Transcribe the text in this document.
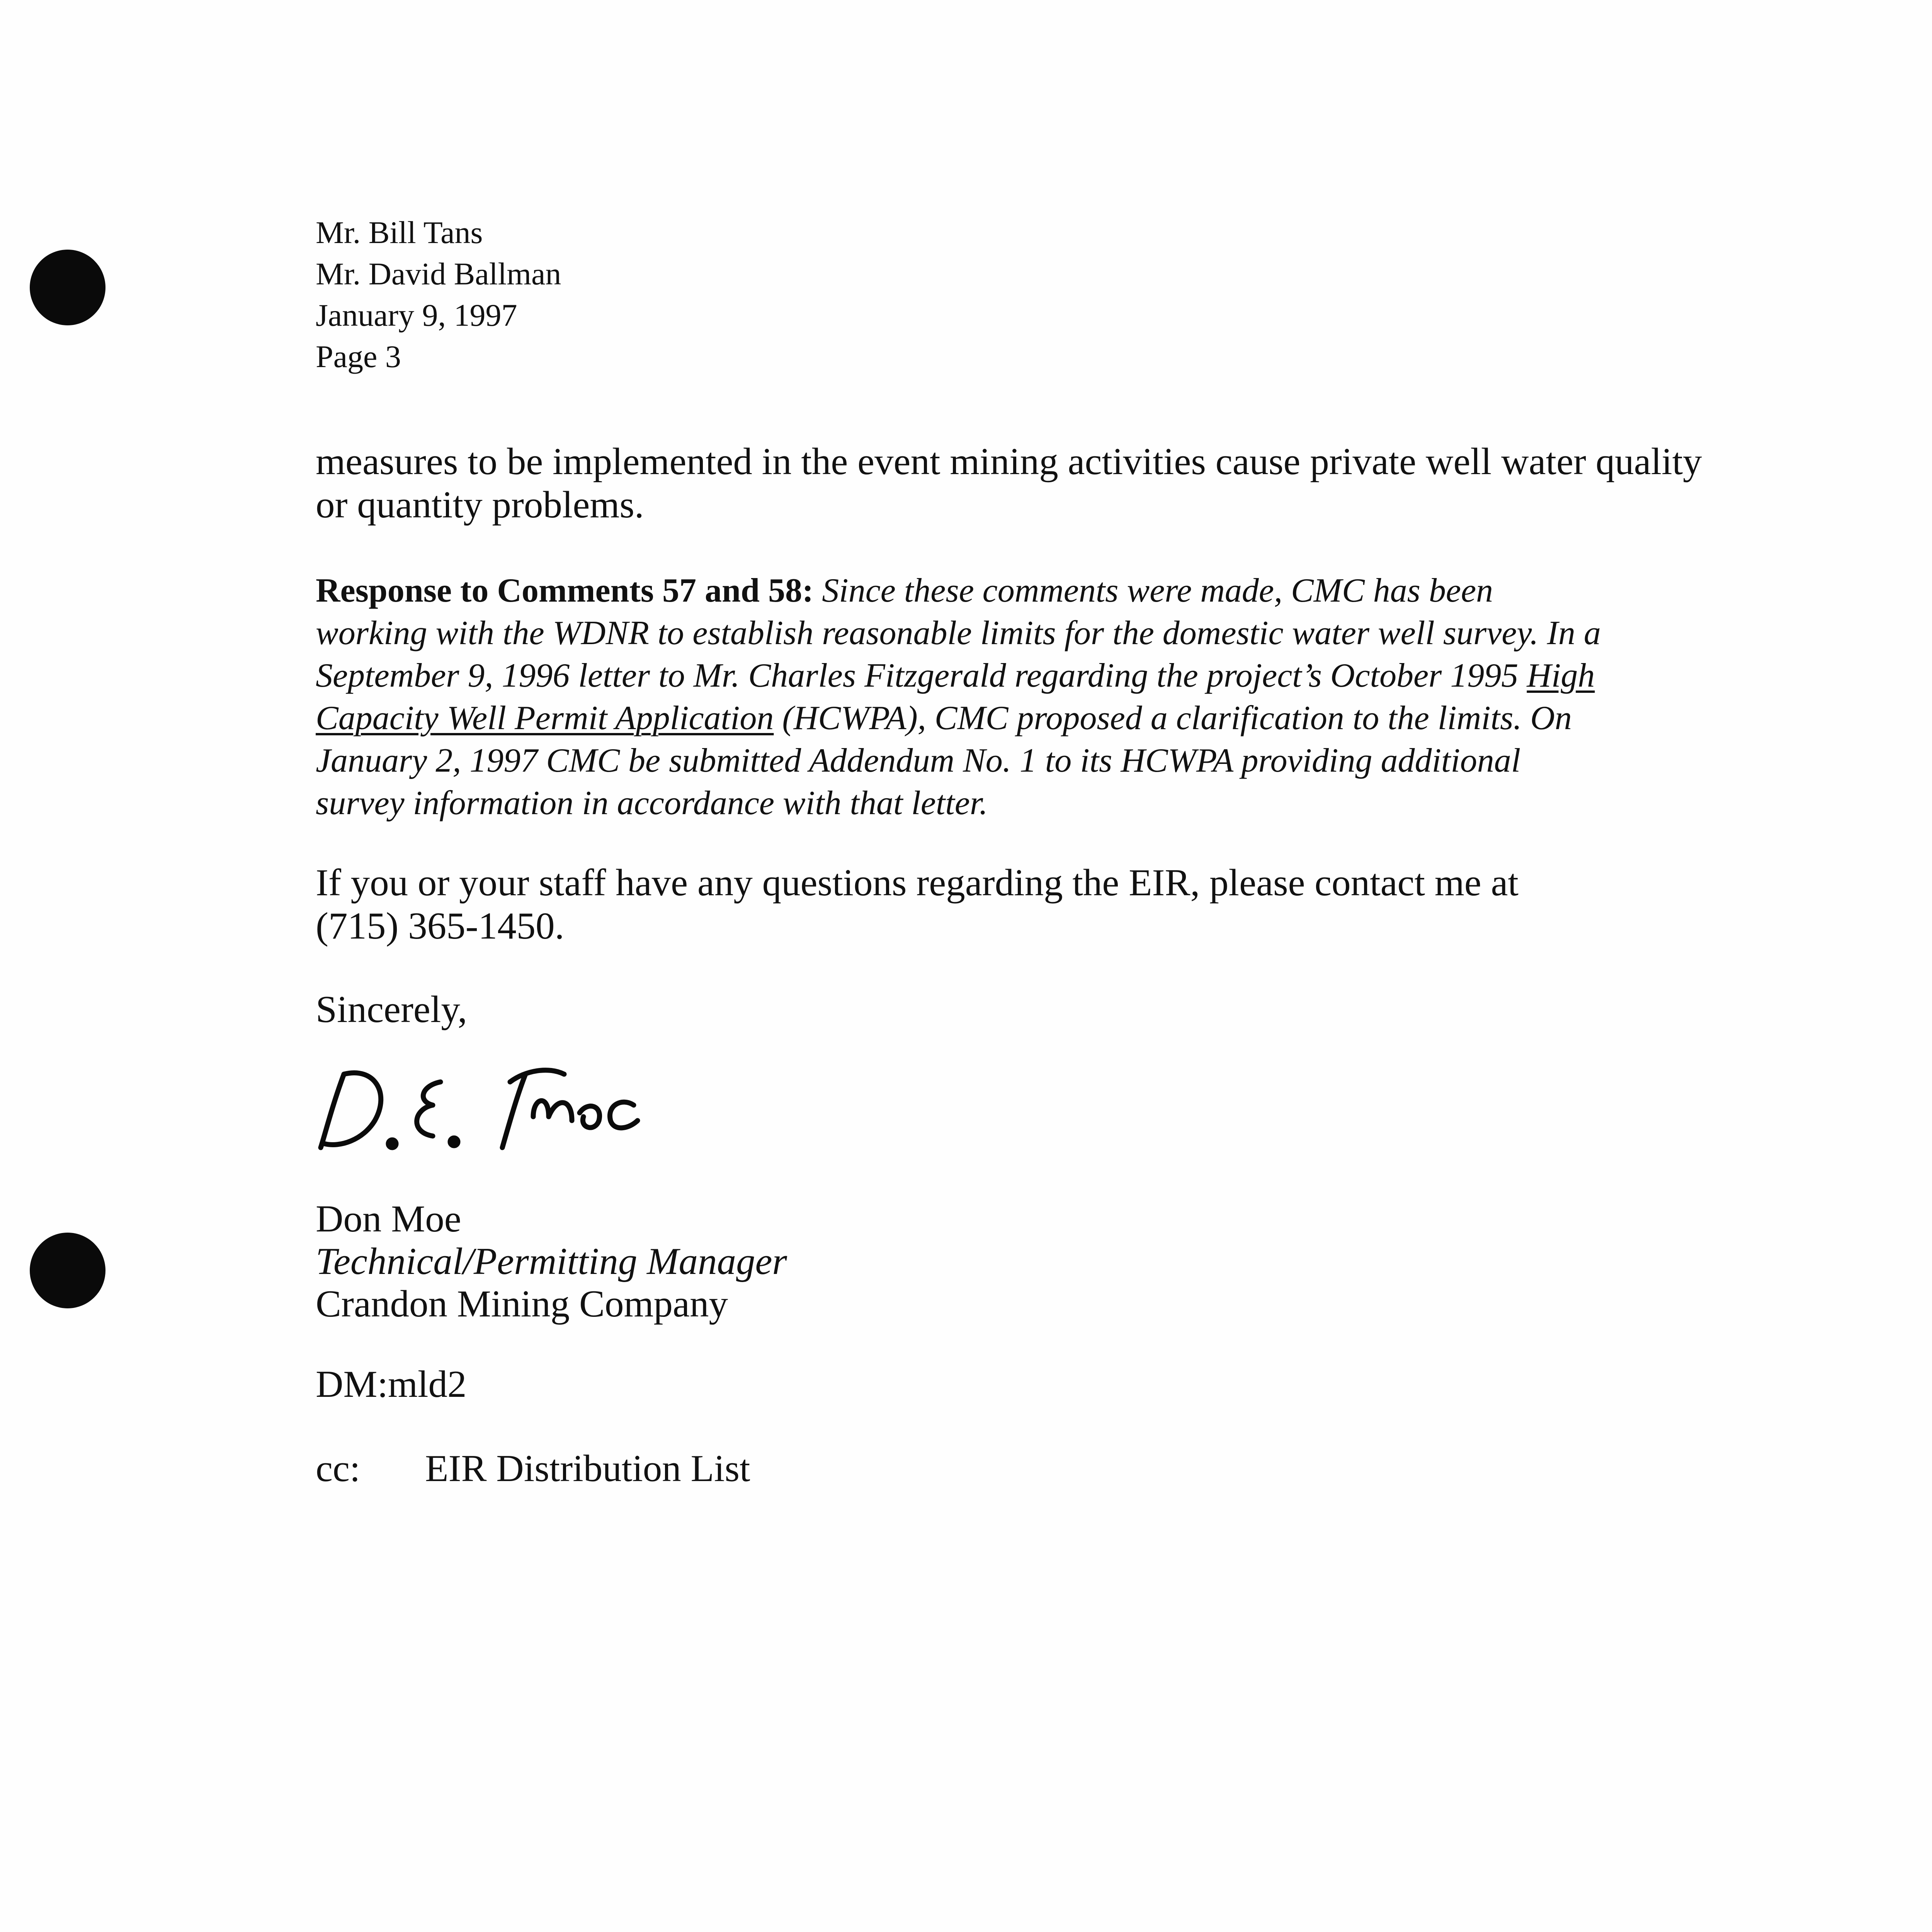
Mr. Bill Tans
Mr. David Ballman
January 9, 1997
Page 3
measures to be implemented in the event mining activities cause private well water quality
or quantity problems.
Response to Comments 57 and 58: Since these comments were made, CMC has been
working with the WDNR to establish reasonable limits for the domestic water well survey. In a
September 9, 1996 letter to Mr. Charles Fitzgerald regarding the project’s October 1995 High
Capacity Well Permit Application (HCWPA), CMC proposed a clarification to the limits. On
January 2, 1997 CMC be submitted Addendum No. 1 to its HCWPA providing additional
survey information in accordance with that letter.
If you or your staff have any questions regarding the EIR, please contact me at
(715) 365-1450.
Sincerely,
Don Moe
Technical/Permitting Manager
Crandon Mining Company
DM:mld2
cc: EIR Distribution List
